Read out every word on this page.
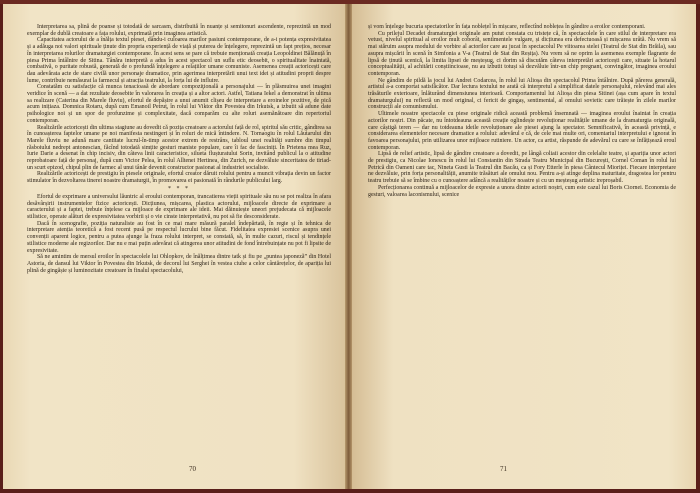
Interpretarea sa, plină de poanse și totodată de sarcasm, distribuită în nuanțe și semitonuri ascendente, reprezintă un mod exemplar de dublă creatoare a fața rolului, exprimată prin imaginea artistică.

Capacitatea actorului de a înălța textul piesei, dându-i culoarea marilor pasiuni contemporane, de a-i potența expresivitatea și a adăuga noi valori spirituale ținute din propria experiență de viață și puterea de înțelegere, reprezintă un fapt prețios, necesar în interpretarea rolurilor dramaturgiei contemporane. În acest sens se pare că trebuie menționată creația Leopoldinei Bălănuță în piesa Prima întâlnire de Sitina. Tânăra interpretă a adus în acest spectacol un suflu etic deosebit, o spiritualitate înaintată, combativă, o puritate robustă, generată de o profundă înțelegere a relațiilor umane comuniste. Asemenea creații actoricești care dau adevărata acte de stare civilă unor personaje dramatice, prin agerimea interpretării unui text idei și atitudini proprii despre lume, contribuie nemăsurat la farmecul și atracția teatrului, la forța lui de influire.

Constatăm cu satisfacție că munca tenacioasă de abordare compoziţională a personajului — în plăsmuirea unei imagini veridice în scenă — a dat rezultate deosebite în valorarea în creația și a altor actori. Astfel, Tatiana Iekel a demonstrat în ultima sa realizare (Caterina din Marele fluviu), efortul de depășire a unui anumit clișeu de interpretare a eroinelor pozitive, de pică acum inițiaza. Domnica Rotaru, după cum Emanoil Petruț, în rolul lui Viktor din Povestea din Irkutsk, a izbutit să adune date psihologice noi și un spor de profunzime și complexitate, dacă comparăm cu alte roluri asemănătoare din repertoriul contemporan.

Realizările actoricești din ultima stagiune au dovedit că pozița creatoare a actorului față de rol, spiritul său critic, gândirea sa în cunoașterea faptelor umane pe noi manifesta nestingeri și în roluri de mică întindere. N. Tornaogiu în rolul Lăutarului din Marele fluviu ne adună mare cantitate lucrul-în-timp acestor extrem de restrâns, tabloul unei realități sumbre din timpul răsboiului nedrept antonescian, făcînd totodată simțite gesturi maniste populare, care îi fac de fasciniți. În Prietena mea Ruz, Iurie Darie a desenat în chip incisiv, din câteva linii caracteristice, silueta flușturatului Sorin, invitând publicul la o atitudine reprobatoare față de personaj, după cum Victor Pelea, în rolul Alltenei Hertinea, din Zurich, ne dezvăluie sinceritatea de tiriad-un scurt epizod, chipul plin de farmec al unui tânăr devenit constructor pasionat al industriei socialiste.

Realizările actoricești de prestigiu în piesele originale, efortul creator dăruit rolului pentru a muncit vibrația devin un factor stimulator în dezvoltarea tinerei noastre dramaturgii, în promovarea ei pasionată în rândurile publicului larg.

* * *

Efortul de exprimare a universului lăuntric al eroului contemporan, trancatierea vieții spirituale său nu se pot realiza în afara desăvârșirii instrumentelor fizice actoricești. Dicțiunea, mișcarea, plastica actorului, mijloacele directe de exprimare a caracterului și a faptei, trebuie înțelese ca mijloace de exprimare ale ideii. Mai dăinuiește uneori prejudecata că mijloacele stilistice, operate alături de expresivitatea vorbirii și o vie cinste interpretativă, nu pot să fie desconsiderate.

Dacă în scenografie, poziția naturaliste au fost în ce mai mare măsură paralel îndepărtată, în regie și în tehnica de interpretare atenția teoretică a fost recent pusă pe respectul lucrului bine făcut. Fidelitatea expresiei scenice asupra unei convenții aparent logice, pentru a putea ajunge la fraza rolului interpret, se constată, să, în multe cazuri, riscul și tendințele stilistice moderne ale regizorilor. Dar nu e mai puțin adevărat că atingerea unor atitudini de fond întrebuințate nu pot fi lipsite de expresivitate.

Să ne amintim de mersul eroilor în spectacolele lui Ohlopkov, de înălțimea dintre tatk și fiu pe „puntea japoneză” din Hotel Astoria, de dansul lui Viktor în Povestea din Irkutsk, de decorul lui Serghei în vestea ciuhe a celor cântărețelor, de apariția lui plină de gingășie și luminozitate creatoare în finalul spectacolului,

70

și vom înțelege bucuria spectatorilor în fața noblețel în mișcare, reflectînd noblețea în gândire a eroilor contemporani.

Cu prilejul Decadei dramaturgiei originale am putut constata cu tristețe că, în spectacolele în care stilul de interpretare era vetust, nivelul spiritual al eroilor mult coborât, sentimentele vulgare, și dicțiunea era defectuoasă și mișcarea urâtă. Nu vrem să mai stăruim asupra modului de vorbire al actorilor care au jucat în spectacolul Pe viitoarea stelei (Teatrul de Stat din Brăila), sau asupra mișcării în scenă în Simfonia a V-a (Teatrul de Stat din Reșița). Nu vrem să ne oprim la asemenea exemple flagrante de lipsă de ținută scenică, la limita lipsei de meșteșug, ci dorim să discutăm câteva interpretări actoricești care, situate la hotarul conceptualității, al achitării conștiincioase, nu au izbutit totuși să dezvăluie într-un chip pregnant, convingător, imaginea eroului contemporan.

Ne gândim de pildă la jocul lui Andrei Codarcea, în rolul lui Alioșa din spectacolul Prima întâlnire. După părerea generală, artistul a-a comportat satisfăcător. Dar lectura textului ne arată că interpretul a simplificat datele personajului, relevând mai ales trăsăturile exterioare, înlăturând dimensiunea interioară. Comportamentul lui Alioșa din piesa Sitinei (așa cum apare în textul dramaturgului) nu reflectă un mod original, ci fericit de gingaș, sentimental, al omului sovietic care trăiește în zilele marilor construcții ale comunismului.

Ultimele noastre spectacole cu piese originale ridică această problemă însemnată — imaginea eroului înaintat în creația actorilor noștri. Din păcate, nu întotdeauna această creație oglindește revoluționar realitățile umane de la dramaturgia originală, care câștigă teren — dar nu totdeauna ideile revoluționare ale piesei ajung la spectator. Semnificativă, în această privință, e considerarea elementelor necesare dramatice a rolului: adevărul e că, de cele mai multe ori, comentariul interpretului e ignorat în favoarea personajului, prin utilizarea unor mijloace rutiniere. Un actor, ca artist, răspunde de adevărul cu care se înfățișează eroul contemporan.

Lipsă de relief artistic, lipsă de gândire creatoare a dovedit, pe lângă coliaii acestor din celelalte teatre, și apariția unor actori de prestigiu, ca Nicolae Ionescu în rolul lui Constantin din Strada Teatru Municipal din București, Cornel Coman în rolul lui Petrică din Oameni care tac, Nineta Gusti la Teatrul din Bacău, ca și Fory Etterle în piesa Cântecul Mioriței. Fiecare interpretare ne dezvăluie, prin forța personalității, anumite trăsături ale omului nou. Pentru a-și atinge deplina maturitate, dragostea lor pentru teatru trebuie să se îmbine cu o cunoaștere adâncă a realităților noastre și cu un meșteșug artistic ireproșabil.

Perfecționarea continuă a mijloacelor de expresie a unora dintre actorii noștri, cum este cazul lui Boris Ciornei. Economia de gesturi, valoarea laconismului, scenice

71
